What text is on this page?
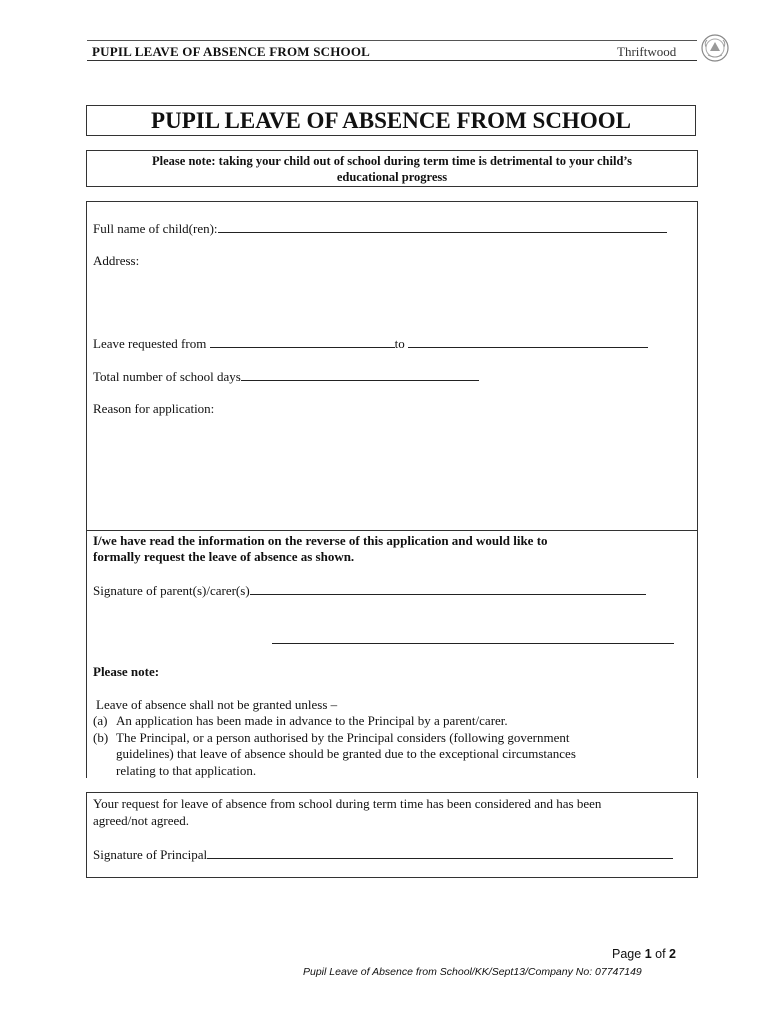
PUPIL LEAVE OF ABSENCE FROM SCHOOL	Thriftwood
PUPIL LEAVE OF ABSENCE FROM SCHOOL
Please note: taking your child out of school during term time is detrimental to your child’s
educational progress
Full name of child(ren):
Address:
Leave requested from	to
Total number of school days
Reason for application:
I/we have read the information on the reverse of this application and would like to
formally request the leave of absence as shown.
Signature of parent(s)/carer(s)
Please note:
Leave of absence shall not be granted unless –
(a) An application has been made in advance to the Principal by a parent/carer.
(b) The Principal, or a person authorised by the Principal considers (following government
guidelines) that leave of absence should be granted due to the exceptional circumstances
relating to that application.
Your request for leave of absence from school during term time has been considered and has been
agreed/not agreed.
Signature of Principal
Page 1 of 2
Pupil Leave of Absence from School/KK/Sept13/Company No: 07747149
